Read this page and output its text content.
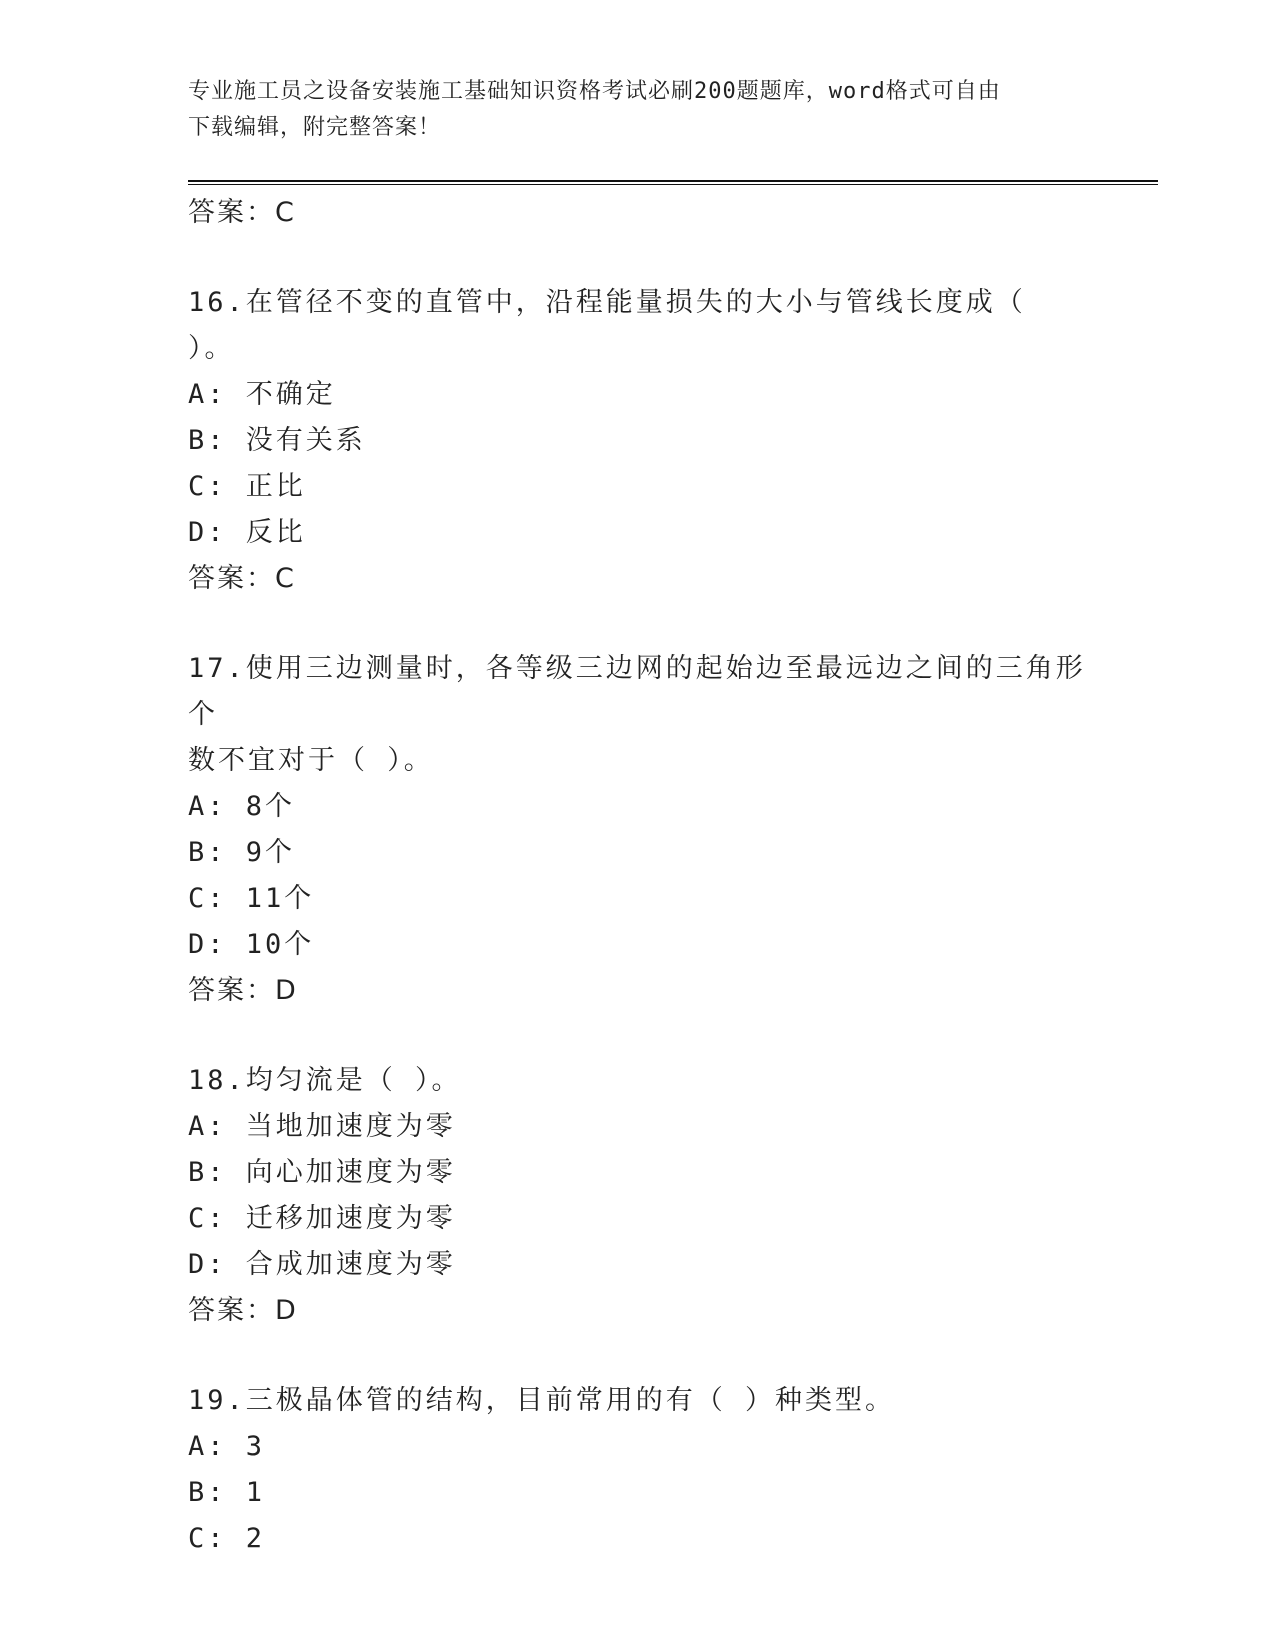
专业施工员之设备安装施工基础知识资格考试必刷200题题库，word格式可自由
下载编辑，附完整答案！
答案：C
16.在管径不变的直管中，沿程能量损失的大小与管线长度成（ ）。
A: 不确定
B: 没有关系
C: 正比
D: 反比
答案：C
17.使用三边测量时，各等级三边网的起始边至最远边之间的三角形个
数不宜对于（ ）。
A: 8个
B: 9个
C: 11个
D: 10个
答案：D
18.均匀流是（ ）。
A: 当地加速度为零
B: 向心加速度为零
C: 迁移加速度为零
D: 合成加速度为零
答案：D
19.三极晶体管的结构，目前常用的有（ ）种类型。
A: 3
B: 1
C: 2
